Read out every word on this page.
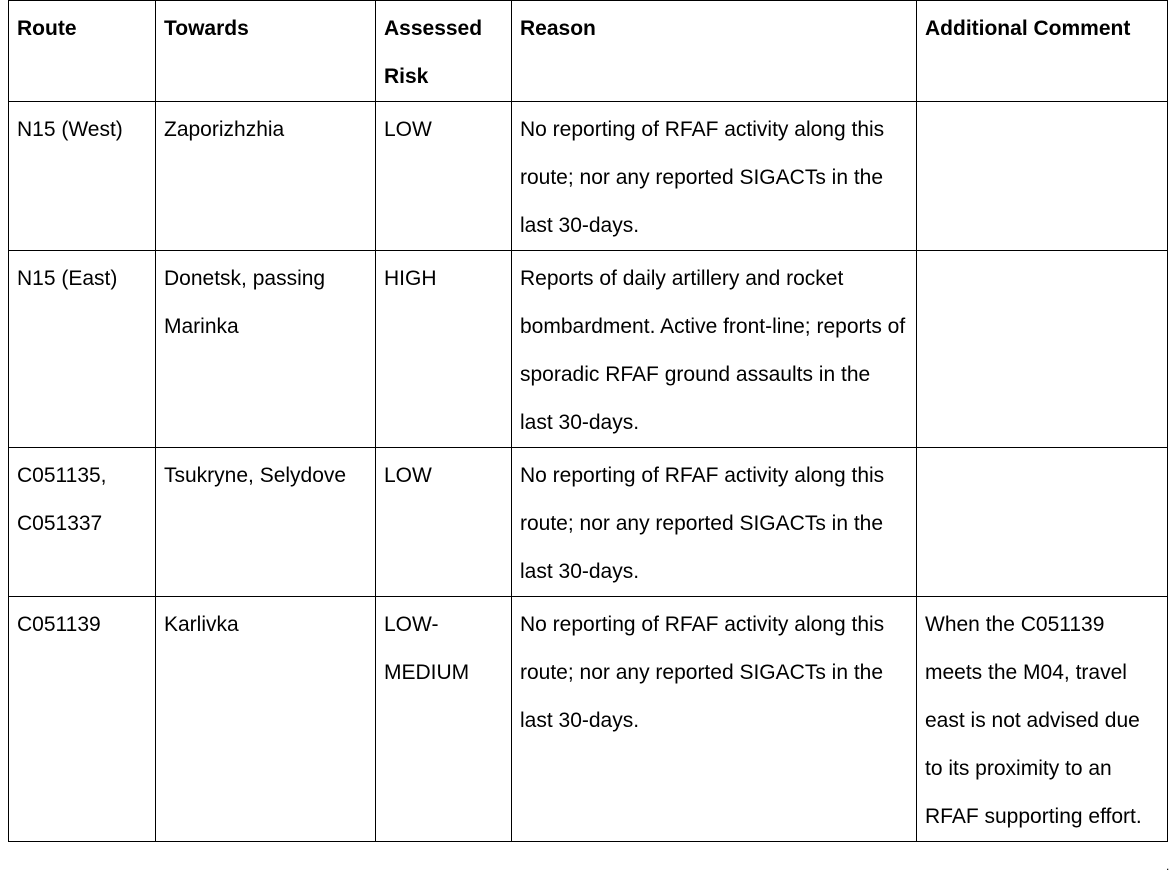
Route	Towards	Assessed Risk	Reason	Additional Comment
N15 (West)	Zaporizhzhia	LOW	No reporting of RFAF activity along this route; nor any reported SIGACTs in the last 30-days.	
N15 (East)	Donetsk, passing Marinka	HIGH	Reports of daily artillery and rocket bombardment. Active front-line; reports of sporadic RFAF ground assaults in the last 30-days.	
C051135, C051337	Tsukryne, Selydove	LOW	No reporting of RFAF activity along this route; nor any reported SIGACTs in the last 30-days.	
C051139	Karlivka	LOW-MEDIUM	No reporting of RFAF activity along this route; nor any reported SIGACTs in the last 30-days.	When the C051139 meets the M04, travel east is not advised due to its proximity to an RFAF supporting effort.
.
